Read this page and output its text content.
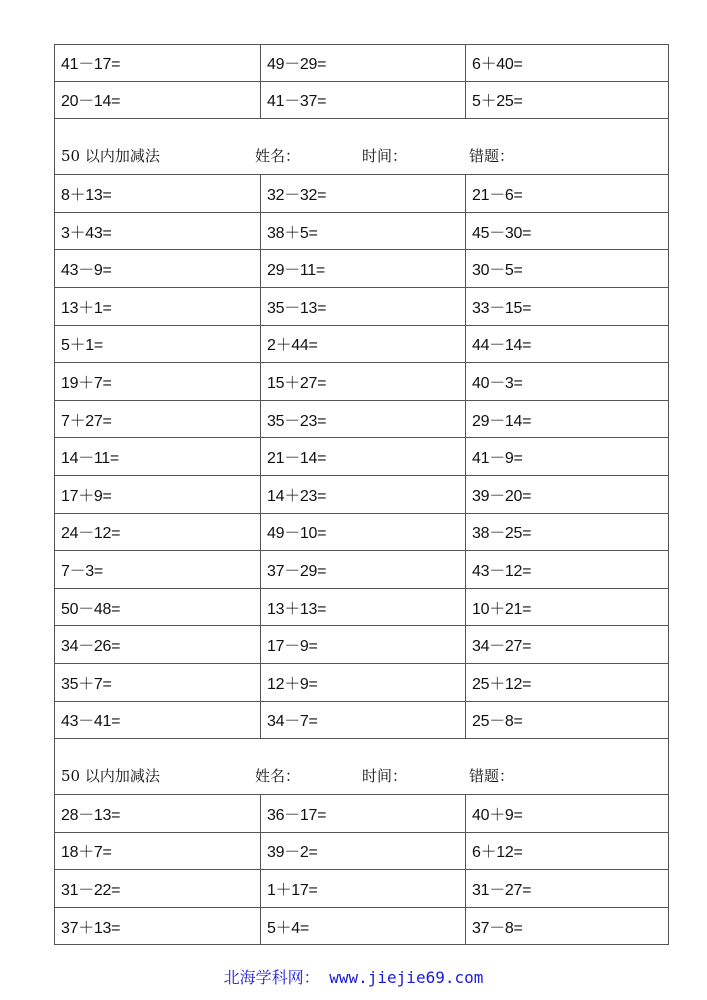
41－17=	49－29=	6＋40=
20－14=	41－37=	5＋25=
50 以内加减法	姓名：	时间：	错题：
8＋13=	32－32=	21－6=
3＋43=	38＋5=	45－30=
43－9=	29－11=	30－5=
13＋1=	35－13=	33－15=
5＋1=	2＋44=	44－14=
19＋7=	15＋27=	40－3=
7＋27=	35－23=	29－14=
14－11=	21－14=	41－9=
17＋9=	14＋23=	39－20=
24－12=	49－10=	38－25=
7－3=	37－29=	43－12=
50－48=	13＋13=	10＋21=
34－26=	17－9=	34－27=
35＋7=	12＋9=	25＋12=
43－41=	34－7=	25－8=
50 以内加减法	姓名：	时间：	错题：
28－13=	36－17=	40＋9=
18＋7=	39－2=	6＋12=
31－22=	1＋17=	31－27=
37＋13=	5＋4=	37－8=
北海学科网： www.jiejie69.com
